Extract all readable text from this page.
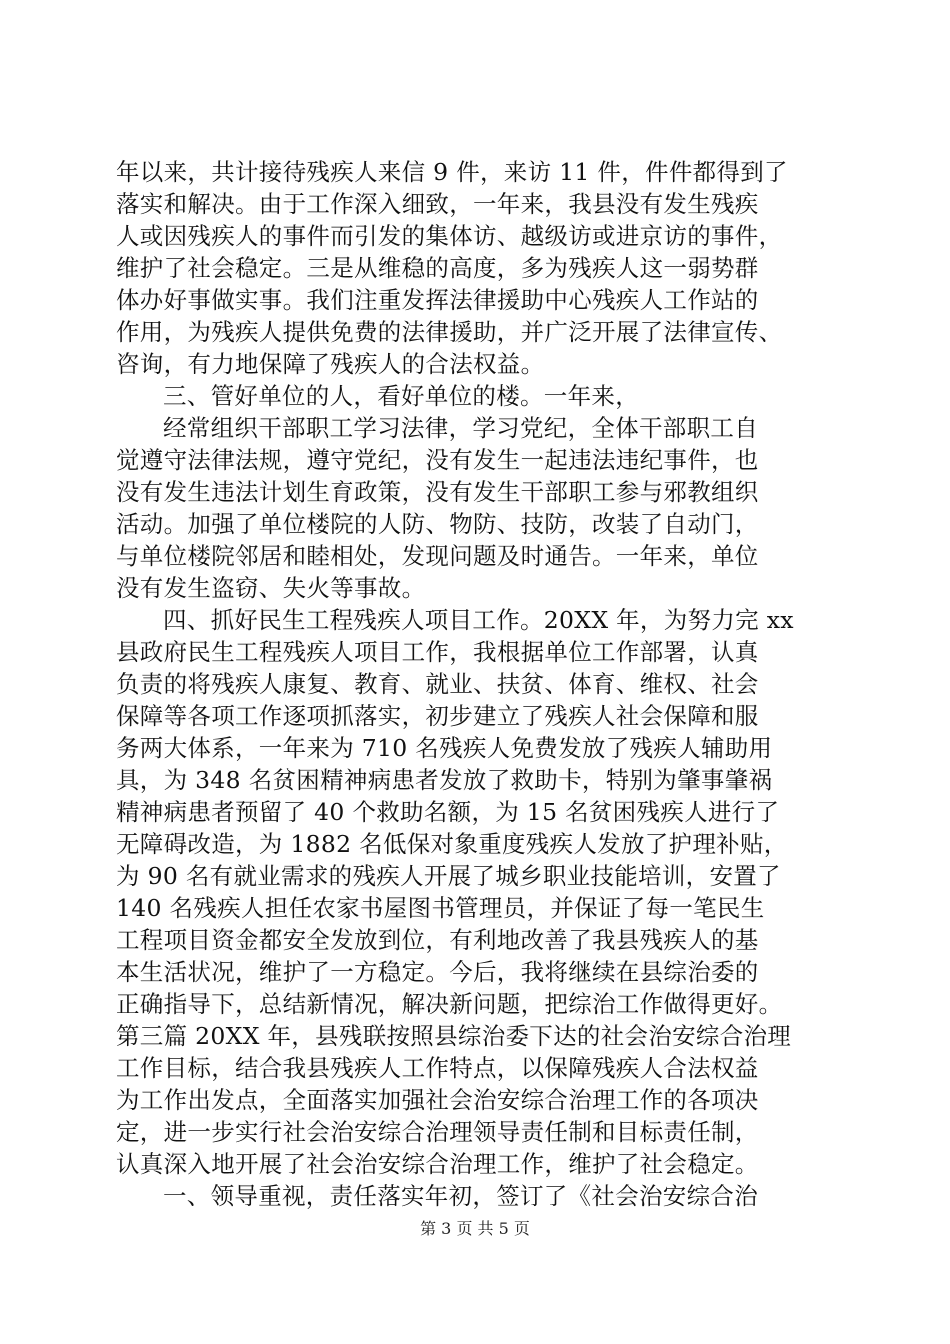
年以来，共计接待残疾人来信 9 件，来访 11 件，件件都得到了
落实和解决。由于工作深入细致，一年来，我县没有发生残疾
人或因残疾人的事件而引发的集体访、越级访或进京访的事件，
维护了社会稳定。三是从维稳的高度，多为残疾人这一弱势群
体办好事做实事。我们注重发挥法律援助中心残疾人工作站的
作用，为残疾人提供免费的法律援助，并广泛开展了法律宣传、
咨询，有力地保障了残疾人的合法权益。
三、管好单位的人，看好单位的楼。一年来，
经常组织干部职工学习法律，学习党纪，全体干部职工自
觉遵守法律法规，遵守党纪，没有发生一起违法违纪事件，也
没有发生违法计划生育政策，没有发生干部职工参与邪教组织
活动。加强了单位楼院的人防、物防、技防，改装了自动门，
与单位楼院邻居和睦相处，发现问题及时通告。一年来，单位
没有发生盗窃、失火等事故。
四、抓好民生工程残疾人项目工作。20XX 年，为努力完 xx
县政府民生工程残疾人项目工作，我根据单位工作部署，认真
负责的将残疾人康复、教育、就业、扶贫、体育、维权、社会
保障等各项工作逐项抓落实，初步建立了残疾人社会保障和服
务两大体系，一年来为 710 名残疾人免费发放了残疾人辅助用
具，为 348 名贫困精神病患者发放了救助卡，特别为肇事肇祸
精神病患者预留了 40 个救助名额，为 15 名贫困残疾人进行了
无障碍改造，为 1882 名低保对象重度残疾人发放了护理补贴，
为 90 名有就业需求的残疾人开展了城乡职业技能培训，安置了
140 名残疾人担任农家书屋图书管理员，并保证了每一笔民生
工程项目资金都安全发放到位，有利地改善了我县残疾人的基
本生活状况，维护了一方稳定。今后，我将继续在县综治委的
正确指导下，总结新情况，解决新问题，把综治工作做得更好。
第三篇 20XX 年，县残联按照县综治委下达的社会治安综合治理
工作目标，结合我县残疾人工作特点，以保障残疾人合法权益
为工作出发点，全面落实加强社会治安综合治理工作的各项决
定，进一步实行社会治安综合治理领导责任制和目标责任制，
认真深入地开展了社会治安综合治理工作，维护了社会稳定。
一、领导重视，责任落实年初，签订了《社会治安综合治
第 3 页 共 5 页
